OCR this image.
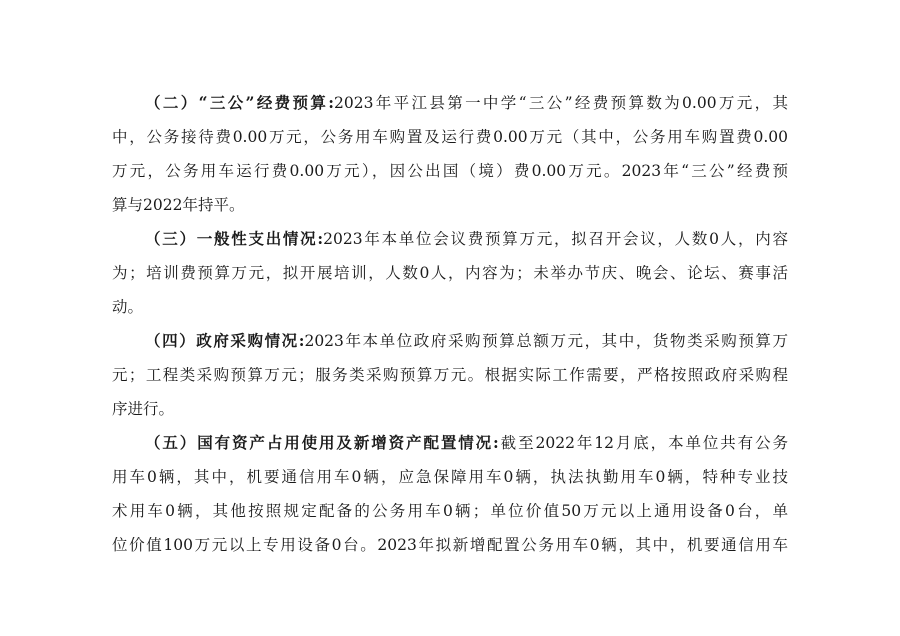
（二）“三公”经费预算:2023年平江县第一中学“三公”经费预算数为0.00万元，其
中，公务接待费0.00万元，公务用车购置及运行费0.00万元（其中，公务用车购置费0.00
万元，公务用车运行费0.00万元），因公出国（境）费0.00万元。2023年“三公”经费预
算与2022年持平。
（三）一般性支出情况:2023年本单位会议费预算万元，拟召开会议，人数0人，内容
为；培训费预算万元，拟开展培训，人数0人，内容为；未举办节庆、晚会、论坛、赛事活
动。
（四）政府采购情况:2023年本单位政府采购预算总额万元，其中，货物类采购预算万
元；工程类采购预算万元；服务类采购预算万元。根据实际工作需要，严格按照政府采购程
序进行。
（五）国有资产占用使用及新增资产配置情况:截至2022年12月底，本单位共有公务
用车0辆，其中，机要通信用车0辆，应急保障用车0辆，执法执勤用车0辆，特种专业技
术用车0辆，其他按照规定配备的公务用车0辆；单位价值50万元以上通用设备0台，单
位价值100万元以上专用设备0台。2023年拟新增配置公务用车0辆，其中，机要通信用车
